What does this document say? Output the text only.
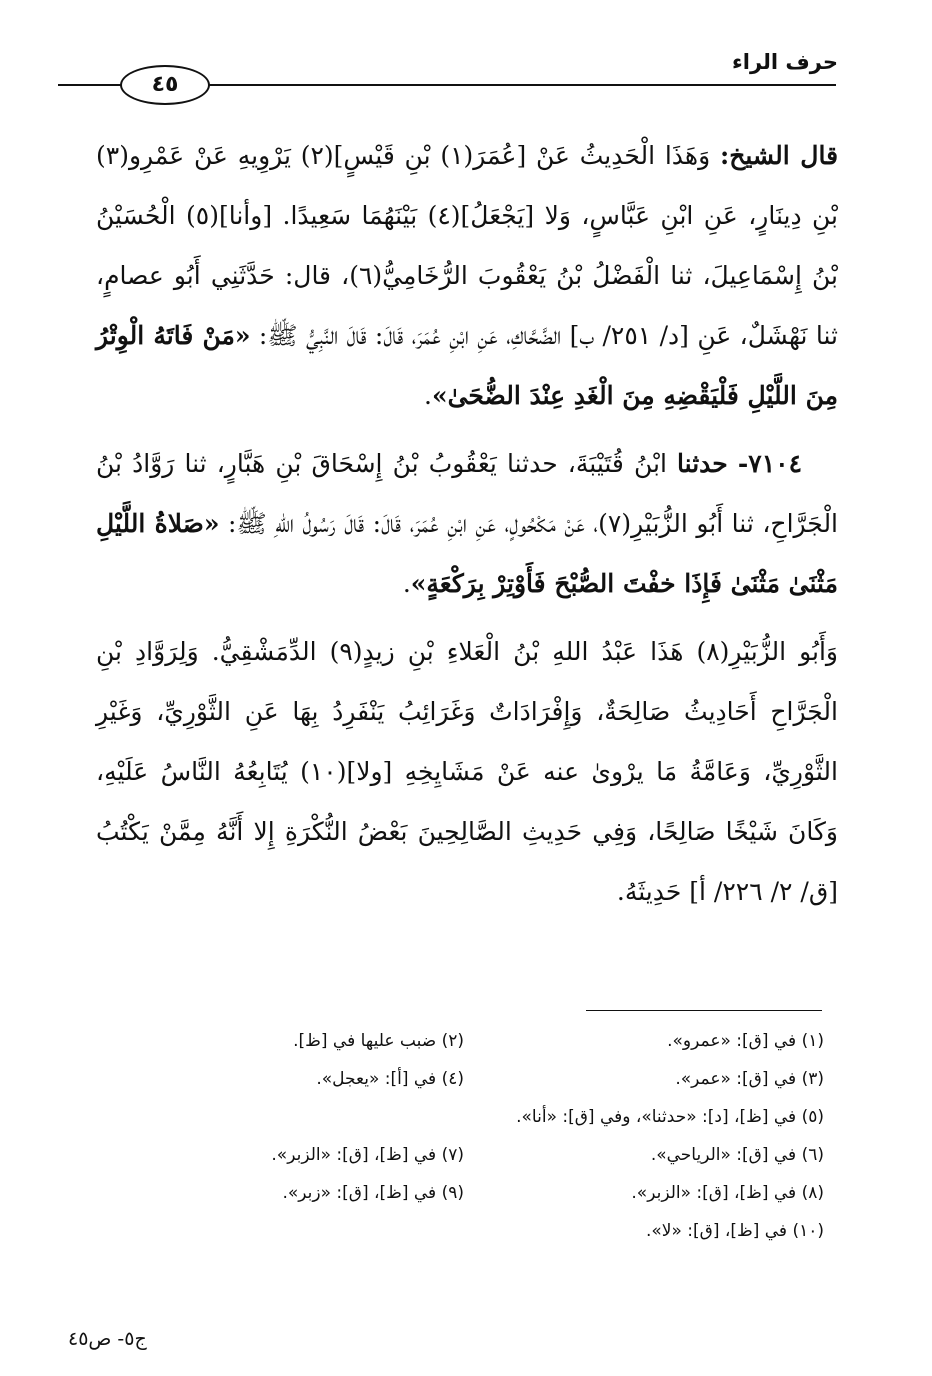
حرف الراء
٤٥
قال الشيخ: وَهَذَا الْحَدِيثُ عَنْ [عُمَرَ(١) بْنِ قَيْسٍ](٢) يَرْوِيهِ عَنْ عَمْرِو(٣) بْنِ دِينَارٍ، عَنِ ابْنِ عَبَّاسٍ، وَلا [يَجْعَلُ](٤) بَيْنَهُمَا سَعِيدًا. [وأنا](٥) الْحُسَيْنُ بْنُ إِسْمَاعِيلَ، ثنا الْفَضْلُ بْنُ يَعْقُوبَ الرُّخَامِيُّ(٦)، قال: حَدَّثَنِي أَبُو عصامٍ، ثنا نَهْشَلٌ، عَنِ [د/ ٢٥١/ ب] الضَّحَّاكِ، عَنِ ابْنِ عُمَرَ، قَالَ: قَالَ النَّبِيُّ ﷺ: «مَنْ فَاتَهُ الْوِتْرُ مِنَ اللَّيْلِ فَلْيَقْضِهِ مِنَ الْغَدِ عِنْدَ الضُّحَىٰ».
٧١٠٤- حدثنا ابْنُ قُتَيْبَةَ، حدثنا يَعْقُوبُ بْنُ إِسْحَاقَ بْنِ هَبَّارٍ، ثنا رَوَّادُ بْنُ الْجَرَّاحِ، ثنا أَبُو الزُّبَيْرِ(٧)، عَنْ مَكْحُولٍ، عَنِ ابْنِ عُمَرَ، قَالَ: قَالَ رَسُولُ اللهِ ﷺ: «صَلاةُ اللَّيْلِ مَثْنَىٰ مَثْنَىٰ فَإِذَا خفْتَ الصُّبْحَ فَأَوْتِرْ بِرَكْعَةٍ».
وَأَبُو الزُّبَيْرِ(٨) هَذَا عَبْدُ اللهِ بْنُ الْعَلاءِ بْنِ زيدٍ(٩) الدِّمَشْقِيُّ. وَلِرَوَّادِ بْنِ الْجَرَّاحِ أَحَادِيثُ صَالِحَةٌ، وَإِفْرَادَاتٌ وَغَرَائِبُ يَنْفَرِدُ بِهَا عَنِ الثَّوْرِيِّ، وَغَيْرِ الثَّوْرِيِّ، وَعَامَّةُ مَا يرْوىٰ عنه عَنْ مَشَايِخِهِ [ولا](١٠) يُتَابِعُهُ النَّاسُ عَلَيْهِ، وَكَانَ شَيْخًا صَالِحًا، وَفِي حَدِيثِ الصَّالِحِينَ بَعْضُ النُّكْرَةِ إِلا أَنَّهُ مِمَّنْ يَكْتُبُ [ق/ ٢/ ٢٢٦/ أ] حَدِيثَهُ.
(١) في [ق]: «عمرو».
(٢) ضبب عليها في [ظ].
(٣) في [ق]: «عمر».
(٤) في [أ]: «يعجل».
(٥) في [ظ]، [د]: «حدثنا»، وفي [ق]: «أنا».
(٦) في [ق]: «الرياحي».
(٧) في [ظ]، [ق]: «الزبر».
(٨) في [ظ]، [ق]: «الزبر».
(٩) في [ظ]، [ق]: «زبر».
(١٠) في [ظ]، [ق]: «لا».
ج٥- ص٤٥
